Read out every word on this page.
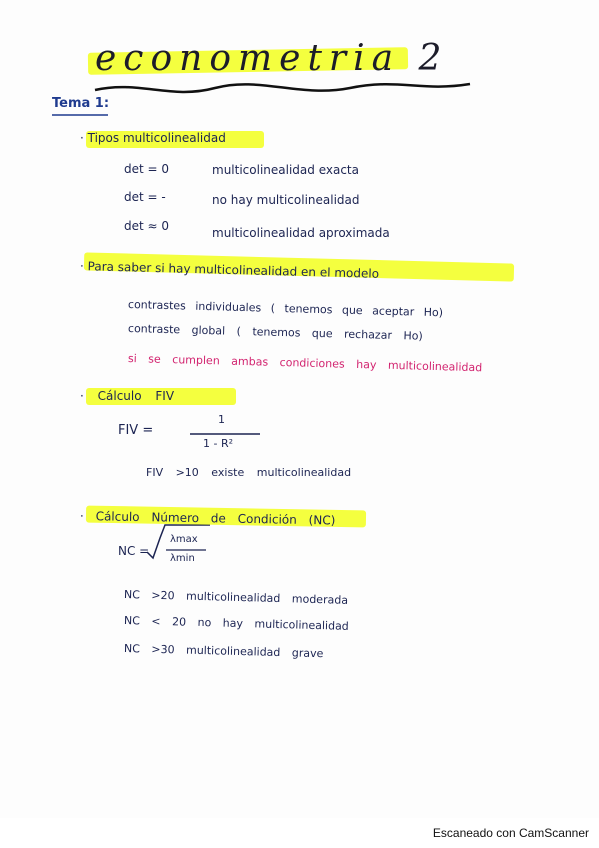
econometria 2
Tema 1:
· Tipos multicolinealidad
det = 0	multicolinealidad exacta
det = -	no hay multicolinealidad
det ≈ 0	multicolinealidad aproximada
· Para saber si hay multicolinealidad en el modelo
contrastes individuales ( tenemos que aceptar Ho)
contraste global ( tenemos que rechazar Ho)
si se cumplen ambas condiciones hay multicolinealidad
· Cálculo FIV
FIV =
1
1 - R²
FIV >10 existe multicolinealidad
· Cálculo Número de Condición (NC)
NC =
λmax
λmin
NC >20 multicolinealidad moderada
NC < 20 no hay multicolinealidad
NC >30 multicolinealidad grave
Escaneado con CamScanner
